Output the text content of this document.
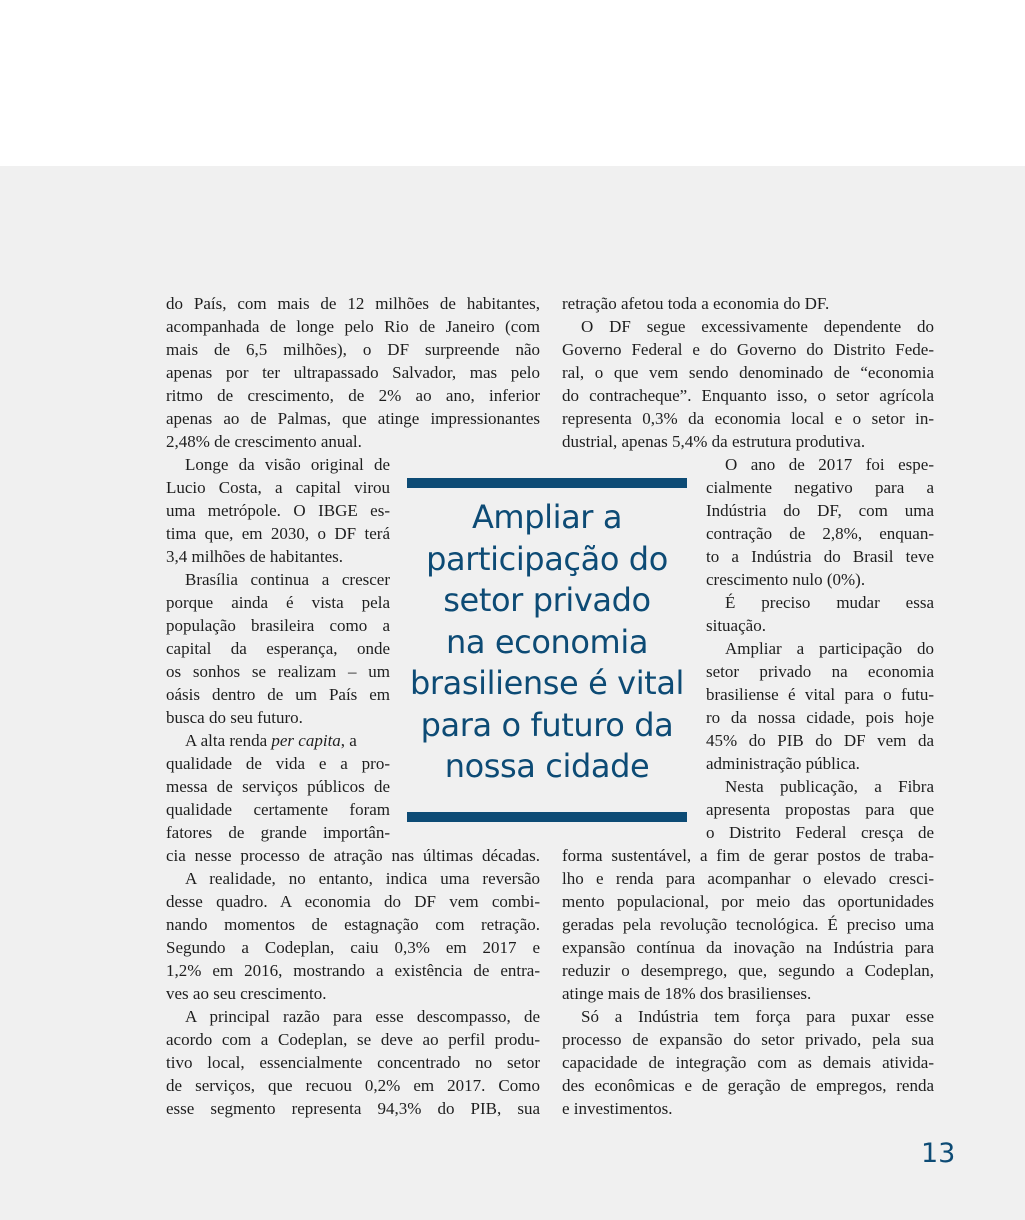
do País, com mais de 12 milhões de habitantes,
acompanhada de longe pelo Rio de Janeiro (com
mais de 6,5 milhões), o DF surpreende não
apenas por ter ultrapassado Salvador, mas pelo
ritmo de crescimento, de 2% ao ano, inferior
apenas ao de Palmas, que atinge impressionantes
2,48% de crescimento anual.
Longe da visão original de
Lucio Costa, a capital virou
uma metrópole. O IBGE es-
tima que, em 2030, o DF terá
3,4 milhões de habitantes.
Brasília continua a crescer
porque ainda é vista pela
população brasileira como a
capital da esperança, onde
os sonhos se realizam – um
oásis dentro de um País em
busca do seu futuro.
qualidade de vida e a pro-
messa de serviços públicos de
qualidade certamente foram
fatores de grande importân-
cia nesse processo de atração nas últimas décadas.
A realidade, no entanto, indica uma reversão
desse quadro. A economia do DF vem combi-
nando momentos de estagnação com retração.
Segundo a Codeplan, caiu 0,3% em 2017 e
1,2% em 2016, mostrando a existência de entra-
ves ao seu crescimento.
A principal razão para esse descompasso, de
acordo com a Codeplan, se deve ao perfil produ-
tivo local, essencialmente concentrado no setor
de serviços, que recuou 0,2% em 2017. Como
esse segmento representa 94,3% do PIB, sua
retração afetou toda a economia do DF.
O DF segue excessivamente dependente do
Governo Federal e do Governo do Distrito Fede-
ral, o que vem sendo denominado de “economia
do contracheque”. Enquanto isso, o setor agrícola
representa 0,3% da economia local e o setor in-
dustrial, apenas 5,4% da estrutura produtiva.
O ano de 2017 foi espe-
cialmente negativo para a
Indústria do DF, com uma
contração de 2,8%, enquan-
to a Indústria do Brasil teve
crescimento nulo (0%).
É preciso mudar essa
situação.
Ampliar a participação do
setor privado na economia
brasiliense é vital para o futu-
ro da nossa cidade, pois hoje
45% do PIB do DF vem da
administração pública.
Nesta publicação, a Fibra
apresenta propostas para que
o Distrito Federal cresça de
forma sustentável, a fim de gerar postos de traba-
lho e renda para acompanhar o elevado cresci-
mento populacional, por meio das oportunidades
geradas pela revolução tecnológica. É preciso uma
expansão contínua da inovação na Indústria para
reduzir o desemprego, que, segundo a Codeplan,
atinge mais de 18% dos brasilienses.
Só a Indústria tem força para puxar esse
processo de expansão do setor privado, pela sua
capacidade de integração com as demais ativida-
des econômicas e de geração de empregos, renda
e investimentos.
A alta renda per capita, a
Ampliar a
participação do
setor privado
na economia
brasiliense é vital
para o futuro da
nossa cidade
13
